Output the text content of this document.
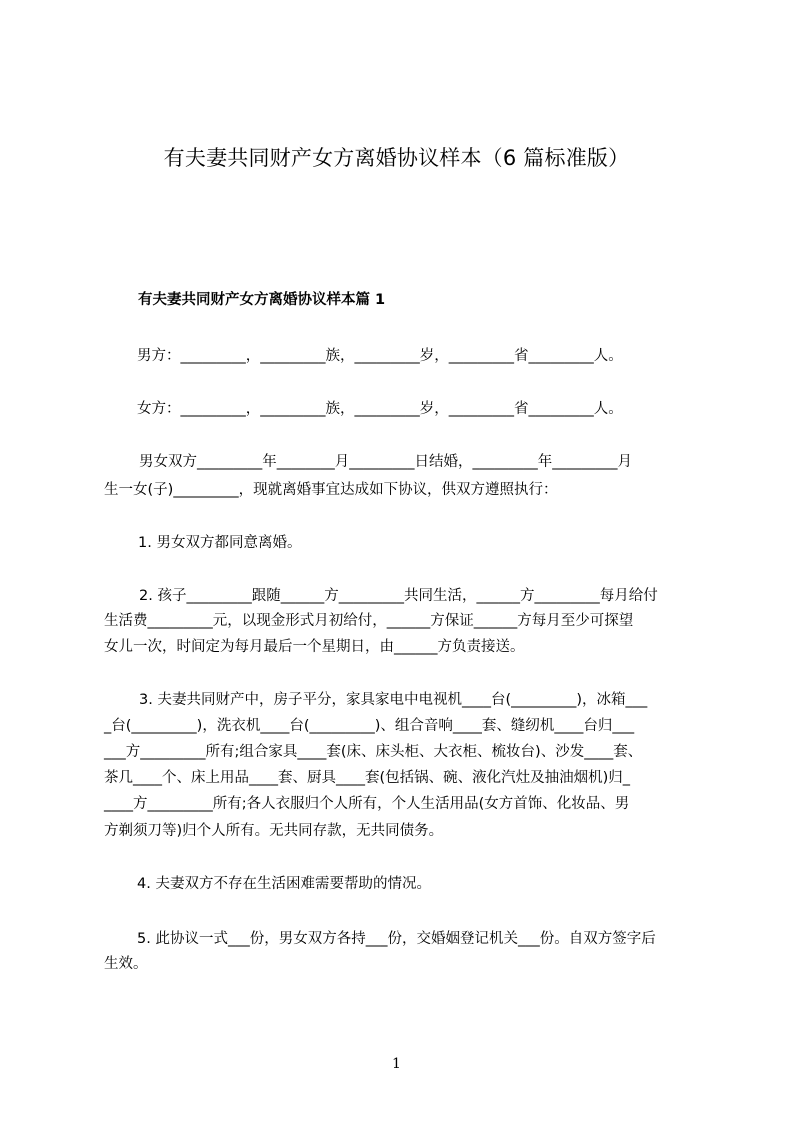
有夫妻共同财产女方离婚协议样本（6 篇标准版）
有夫妻共同财产女方离婚协议样本篇 1
男方：_________，_________族，_________岁，_________省_________人。
女方：_________，_________族，_________岁，_________省_________人。
男女双方_________年________月_________日结婚，_________年_________月
生一女(子)_________，现就离婚事宜达成如下协议，供双方遵照执行：
1. 男女双方都同意离婚。
2. 孩子_________跟随______方_________共同生活，______方_________每月给付
生活费_________元，以现金形式月初给付，______方保证______方每月至少可探望
女儿一次，时间定为每月最后一个星期日，由______方负责接送。
3. 夫妻共同财产中，房子平分，家具家电中电视机____台(_________)，冰箱___
_台(_________)，洗衣机____台(_________)、组合音响____套、缝纫机____台归___
___方_________所有;组合家具____套(床、床头柜、大衣柜、梳妆台)、沙发____套、
茶几____个、床上用品____套、厨具____套(包括锅、碗、液化汽灶及抽油烟机)归_
____方_________所有;各人衣服归个人所有，个人生活用品(女方首饰、化妆品、男
方剃须刀等)归个人所有。无共同存款，无共同债务。
4. 夫妻双方不存在生活困难需要帮助的情况。
5. 此协议一式___份，男女双方各持___份，交婚姻登记机关___份。自双方签字后
生效。
1
